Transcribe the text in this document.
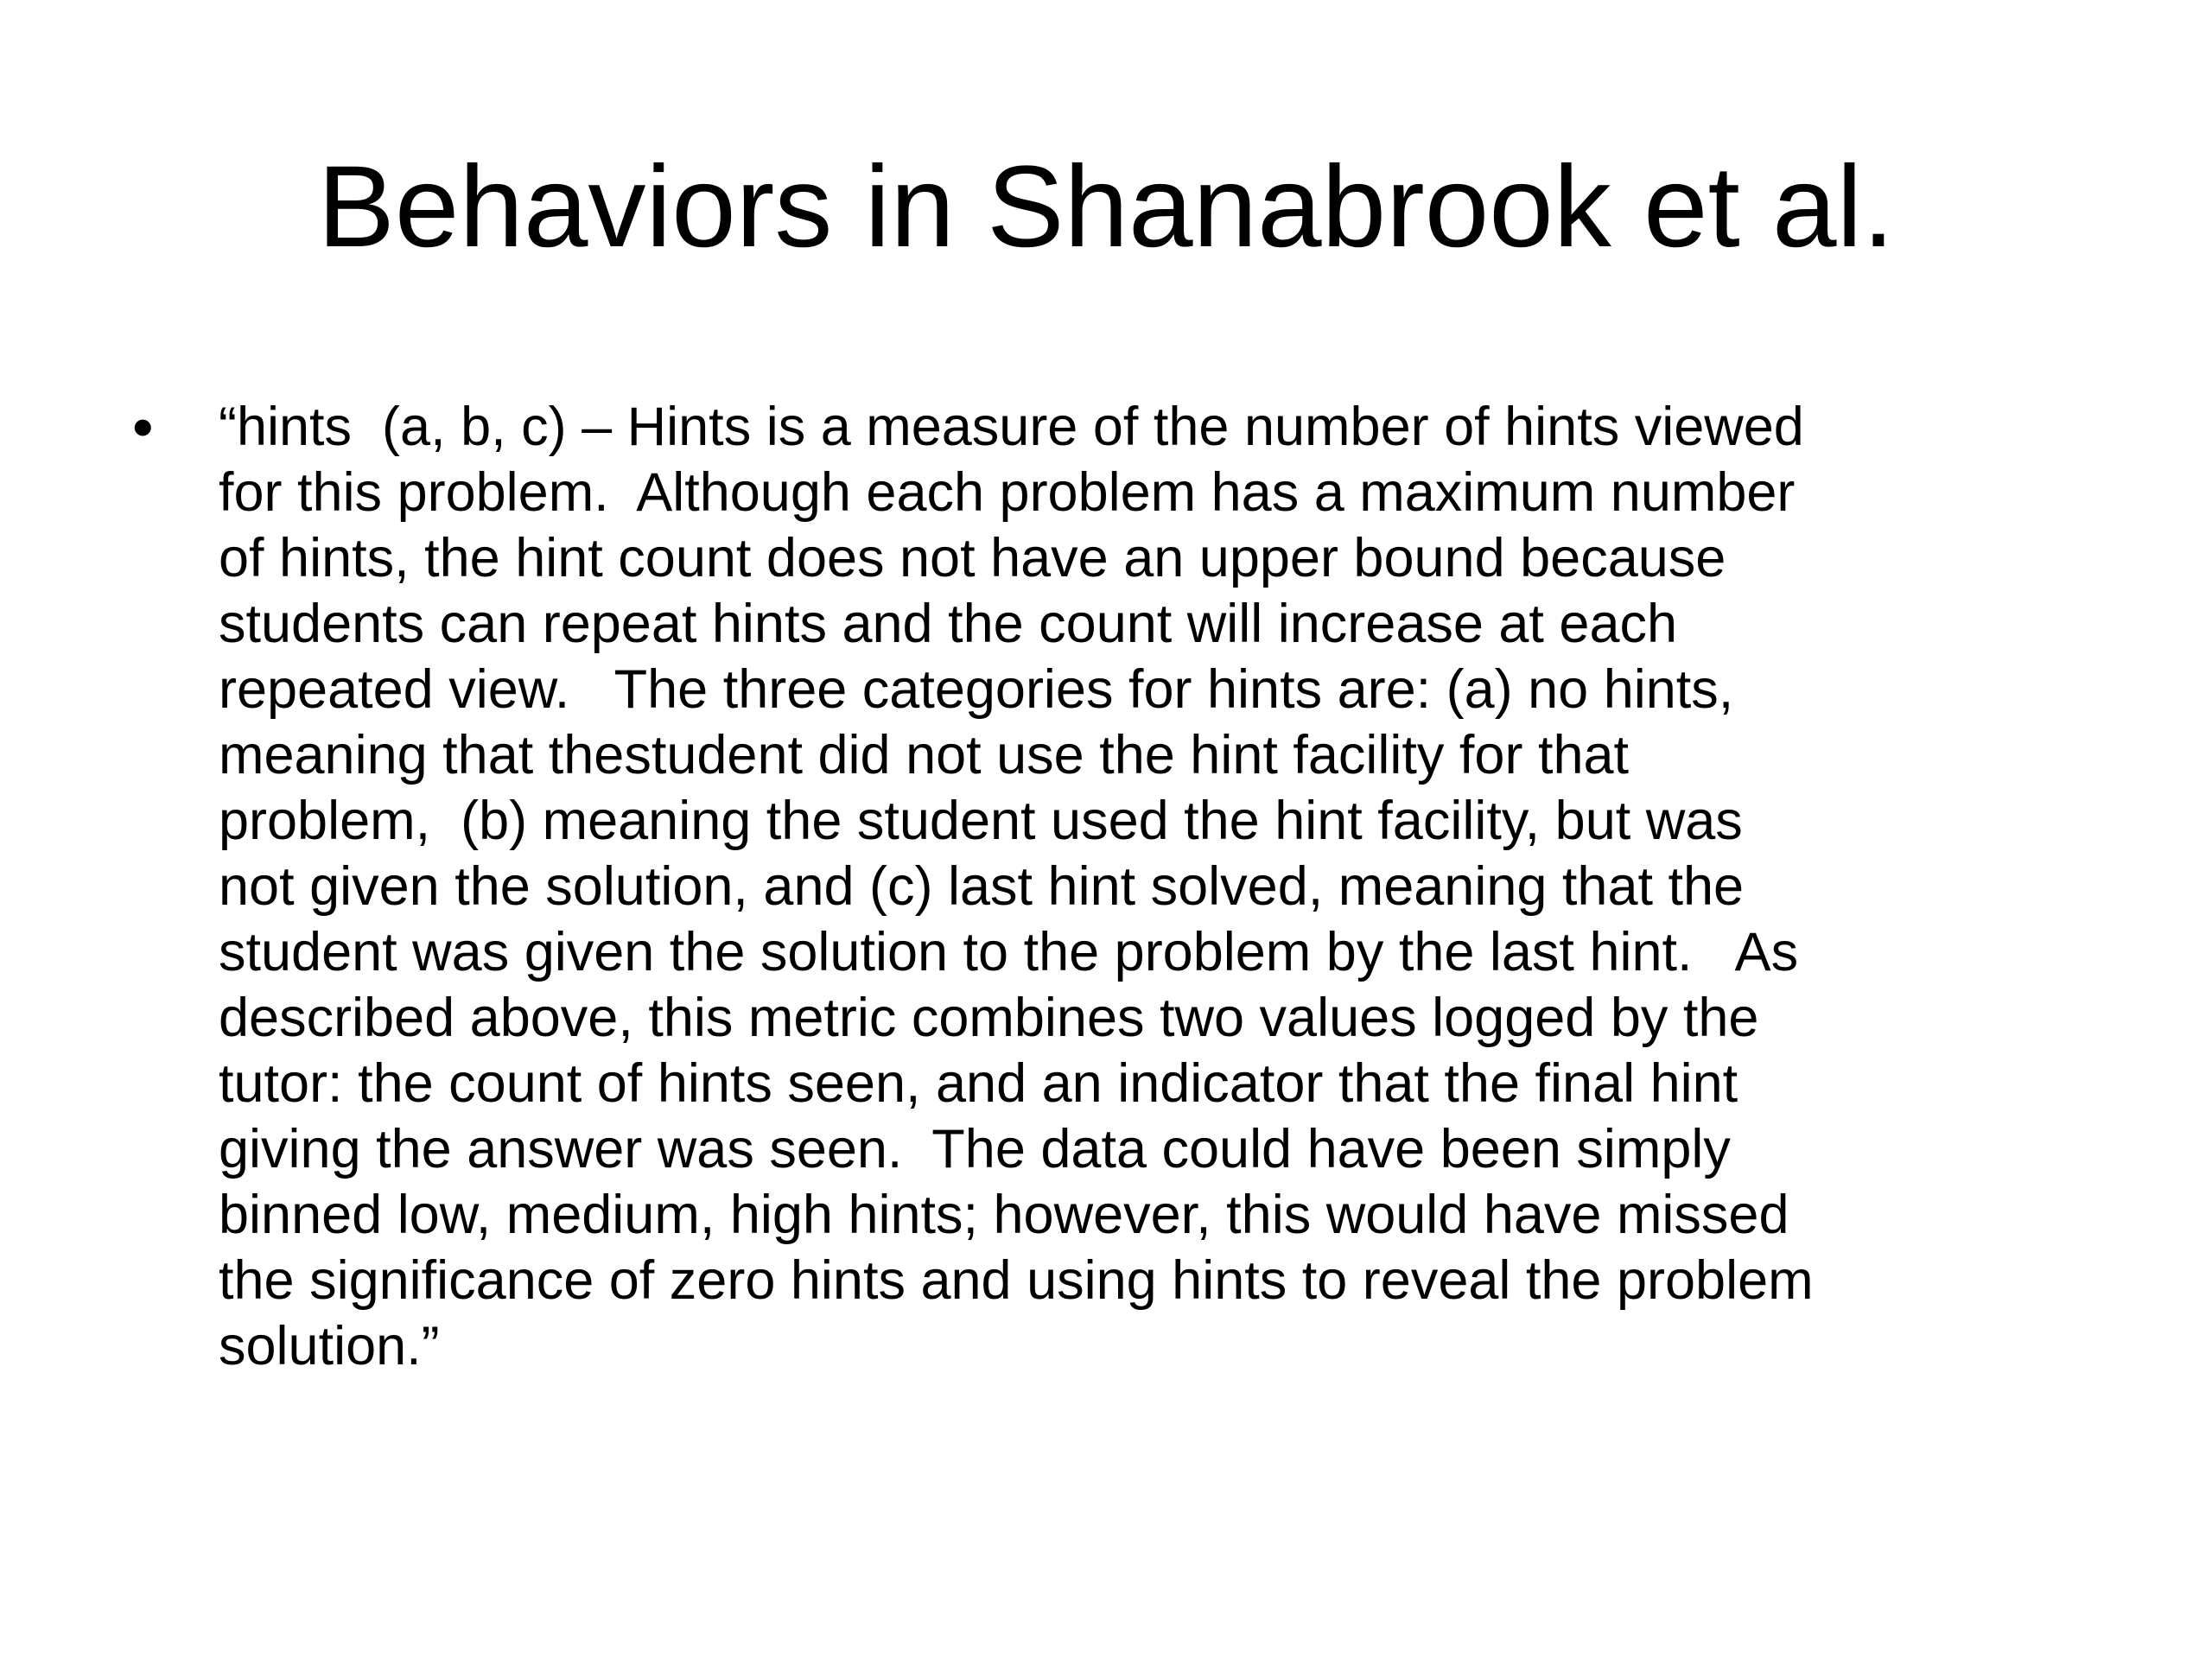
Behaviors in Shanabrook et al.
• “hints  (a, b, c) – Hints is a measure of the number of hints viewed
for this problem.  Although each problem has a maximum number
of hints, the hint count does not have an upper bound because
students can repeat hints and the count will increase at each
repeated view.   The three categories for hints are: (a) no hints,
meaning that thestudent did not use the hint facility for that
problem,  (b) meaning the student used the hint facility, but was
not given the solution, and (c) last hint solved, meaning that the
student was given the solution to the problem by the last hint.   As
described above, this metric combines two values logged by the
tutor: the count of hints seen, and an indicator that the final hint
giving the answer was seen.  The data could have been simply
binned low, medium, high hints; however, this would have missed
the significance of zero hints and using hints to reveal the problem
solution.”
